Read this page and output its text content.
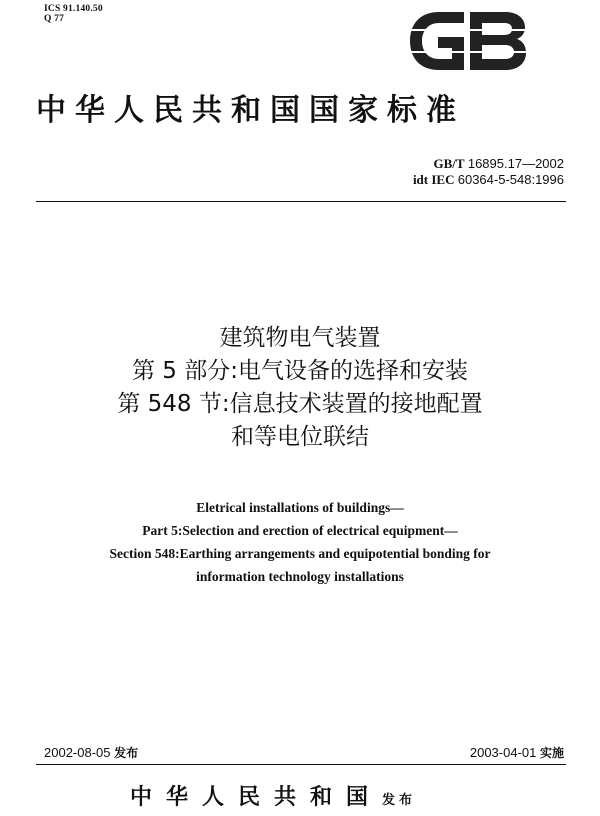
ICS 91.140.50
Q 77
中华人民共和国国家标准
GB/T 16895.17—2002
idt IEC 60364-5-548:1996
建筑物电气装置
第 5 部分:电气设备的选择和安装
第 548 节:信息技术装置的接地配置
和等电位联结
Eletrical installations of buildings—
Part 5:Selection and erection of electrical equipment—
Section 548:Earthing arrangements and equipotential bonding for
information technology installations
2002-08-05 发布	2003-04-01 实施
中华人民共和国发布
